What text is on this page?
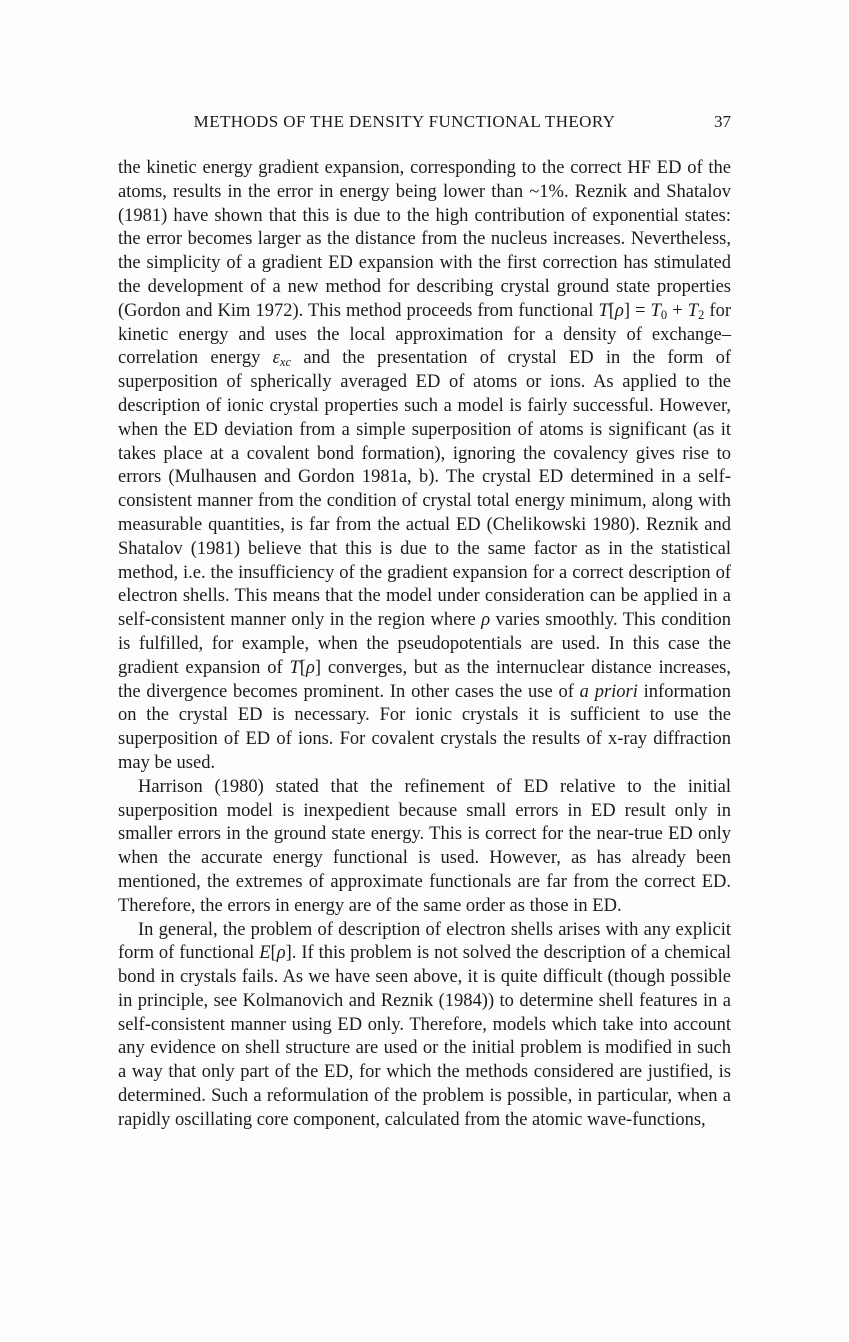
METHODS OF THE DENSITY FUNCTIONAL THEORY	37

the kinetic energy gradient expansion, corresponding to the correct HF ED of the atoms, results in the error in energy being lower than ~1%. Reznik and Shatalov (1981) have shown that this is due to the high contribution of exponential states: the error becomes larger as the distance from the nucleus increases. Nevertheless, the simplicity of a gradient ED expansion with the first correction has stimulated the development of a new method for describing crystal ground state properties (Gordon and Kim 1972). This method proceeds from functional $T[\rho] = T_0 + T_2$ for kinetic energy and uses the local approximation for a density of exchange–correlation energy $\varepsilon_{xc}$ and the presentation of crystal ED in the form of superposition of spherically averaged ED of atoms or ions. As applied to the description of ionic crystal properties such a model is fairly successful. However, when the ED deviation from a simple superposition of atoms is significant (as it takes place at a covalent bond formation), ignoring the covalency gives rise to errors (Mulhausen and Gordon 1981a, b). The crystal ED determined in a self-consistent manner from the condition of crystal total energy minimum, along with measurable quantities, is far from the actual ED (Chelikowski 1980). Reznik and Shatalov (1981) believe that this is due to the same factor as in the statistical method, i.e. the insufficiency of the gradient expansion for a correct description of electron shells. This means that the model under consideration can be applied in a self-consistent manner only in the region where ρ varies smoothly. This condition is fulfilled, for example, when the pseudopotentials are used. In this case the gradient expansion of T[ρ] converges, but as the internuclear distance increases, the divergence becomes prominent. In other cases the use of a priori information on the crystal ED is necessary. For ionic crystals it is sufficient to use the superposition of ED of ions. For covalent crystals the results of x-ray diffraction may be used.

Harrison (1980) stated that the refinement of ED relative to the initial superposition model is inexpedient because small errors in ED result only in smaller errors in the ground state energy. This is correct for the near-true ED only when the accurate energy functional is used. However, as has already been mentioned, the extremes of approximate functionals are far from the correct ED. Therefore, the errors in energy are of the same order as those in ED.

In general, the problem of description of electron shells arises with any explicit form of functional E[ρ]. If this problem is not solved the description of a chemical bond in crystals fails. As we have seen above, it is quite difficult (though possible in principle, see Kolmanovich and Reznik (1984)) to determine shell features in a self-consistent manner using ED only. Therefore, models which take into account any evidence on shell structure are used or the initial problem is modified in such a way that only part of the ED, for which the methods considered are justified, is determined. Such a reformulation of the problem is possible, in particular, when a rapidly oscillating core component, calculated from the atomic wave-functions,
